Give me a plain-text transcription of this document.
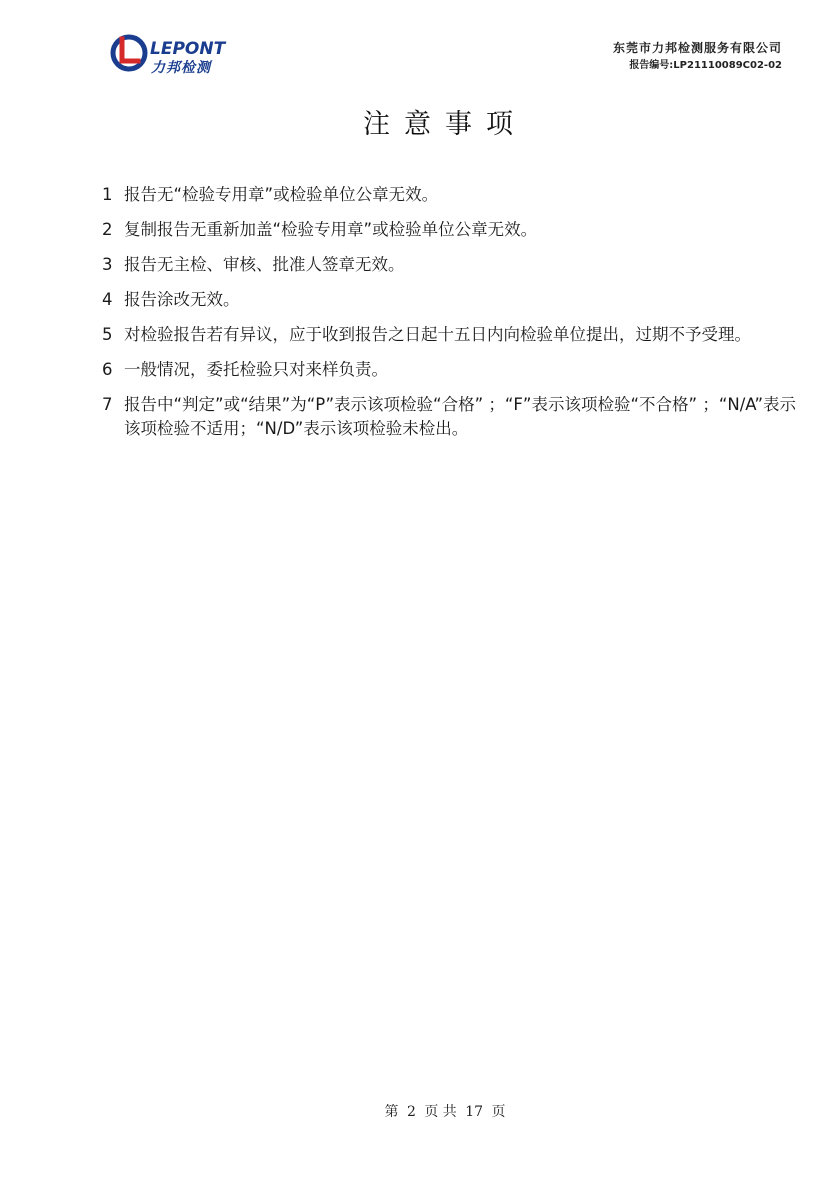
LEPONT
力邦检测
东莞市力邦检测服务有限公司
报告编号:LP21110089C02-02
注意事项
1 报告无“检验专用章”或检验单位公章无效。
2 复制报告无重新加盖“检验专用章”或检验单位公章无效。
3 报告无主检、审核、批准人签章无效。
4 报告涂改无效。
5 对检验报告若有异议，应于收到报告之日起十五日内向检验单位提出，过期不予受理。
6 一般情况，委托检验只对来样负责。
7 报告中“判定”或“结果”为“P”表示该项检验“合格” ；“F”表示该项检验“不合格” ；“N/A”表示该项检验不适用；“N/D”表示该项检验未检出。
第 2 页 共 17 页
